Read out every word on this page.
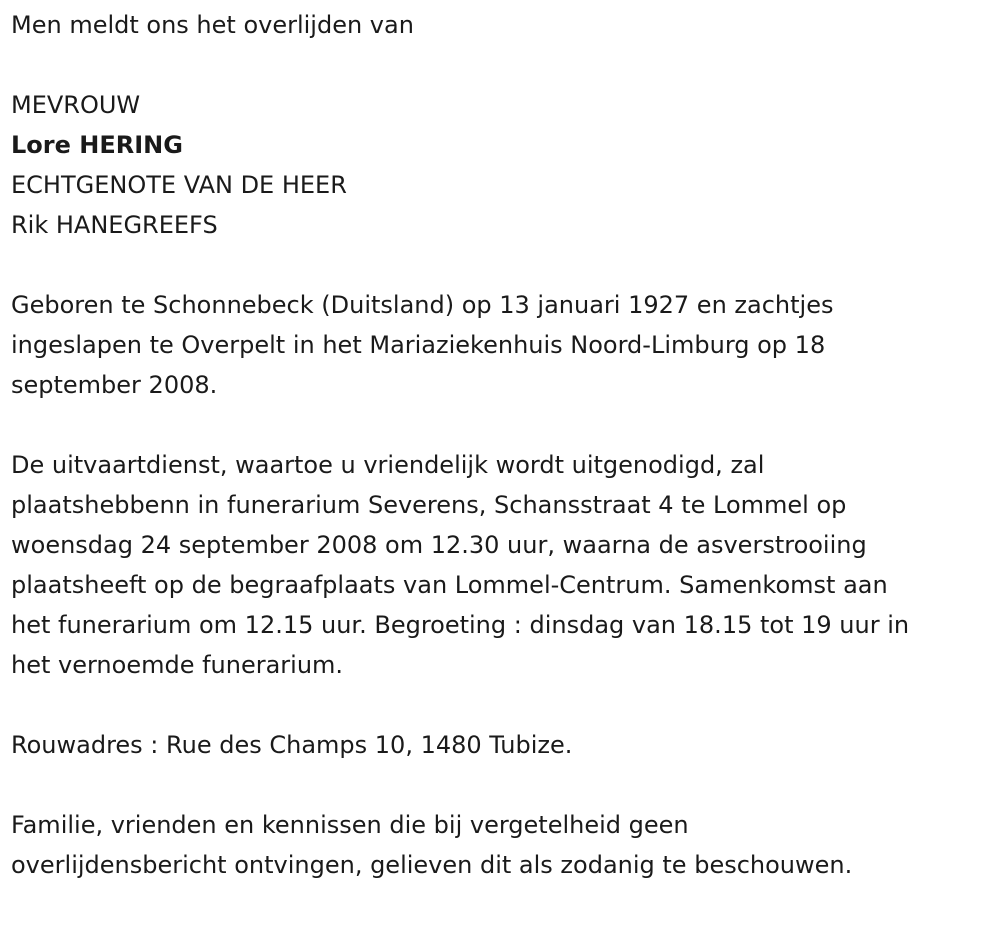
Men meldt ons het overlijden van
MEVROUW
Lore HERING
ECHTGENOTE VAN DE HEER
Rik HANEGREEFS
Geboren te Schonnebeck (Duitsland) op 13 januari 1927 en zachtjes
ingeslapen te Overpelt in het Mariaziekenhuis Noord-Limburg op 18
september 2008.
De uitvaartdienst, waartoe u vriendelijk wordt uitgenodigd, zal
plaatshebbenn in funerarium Severens, Schansstraat 4 te Lommel op
woensdag 24 september 2008 om 12.30 uur, waarna de asverstrooiing
plaatsheeft op de begraafplaats van Lommel-Centrum. Samenkomst aan
het funerarium om 12.15 uur. Begroeting : dinsdag van 18.15 tot 19 uur in
het vernoemde funerarium.
Rouwadres : Rue des Champs 10, 1480 Tubize.
Familie, vrienden en kennissen die bij vergetelheid geen
overlijdensbericht ontvingen, gelieven dit als zodanig te beschouwen.
